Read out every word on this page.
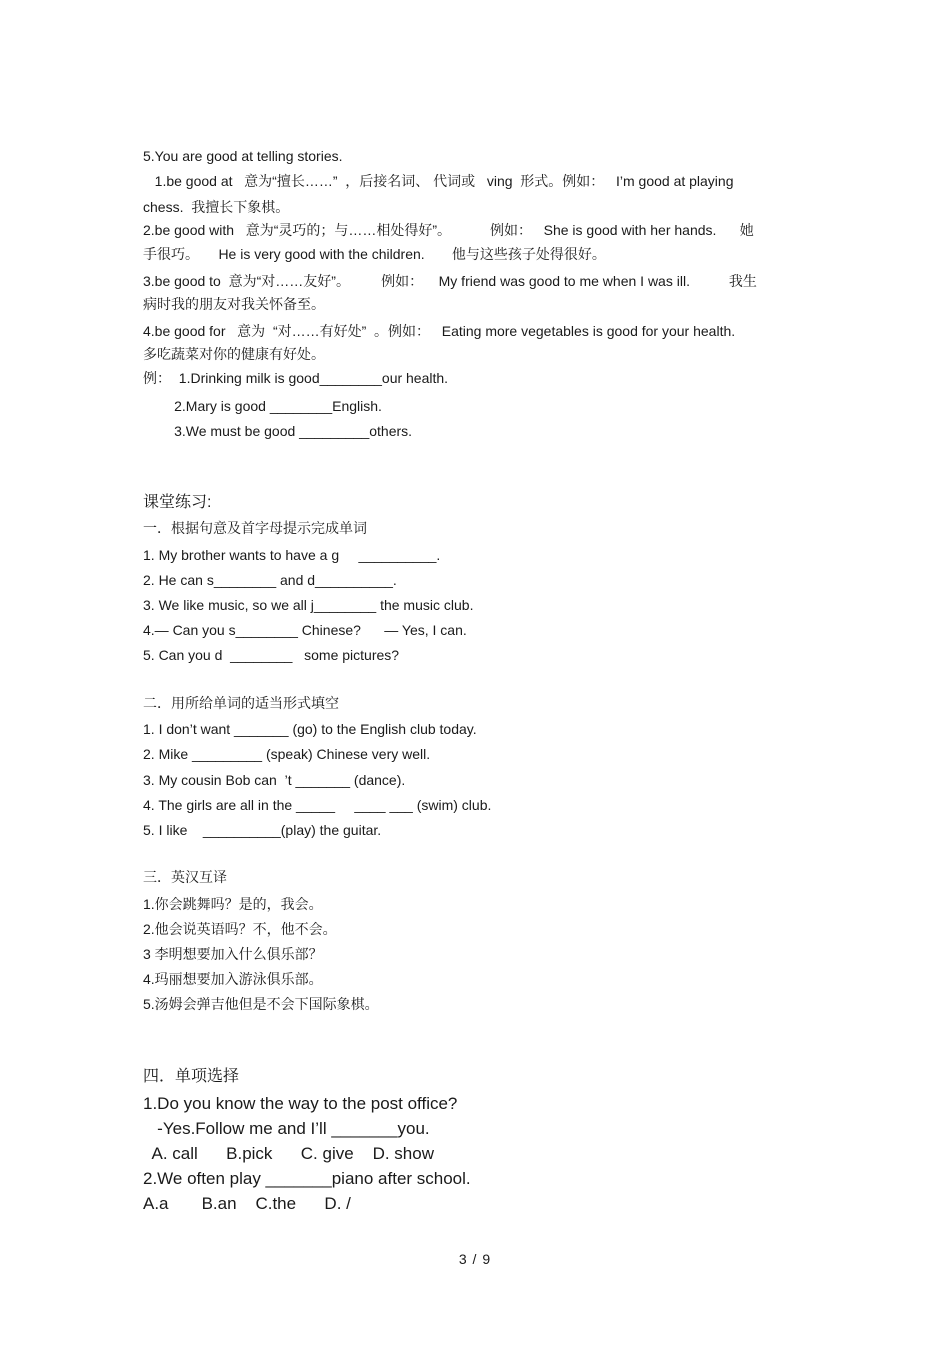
5.You are good at telling stories.
1.be good at   意为“擅长……”  ，后接名词、 代词或   ving  形式。例如：   I’m good at playing
chess.  我擅长下象棋。
2.be good with   意为“灵巧的；与……相处得好”。          例如：   She is good with her hands.      她
手很巧。     He is very good with the children.       他与这些孩子处得很好。
3.be good to  意为“对……友好”。        例如：    My friend was good to me when I was ill.          我生
病时我的朋友对我关怀备至。
4.be good for   意为  “对……有好处”  。例如：   Eating more vegetables is good for your health.
多吃蔬菜对你的健康有好处。
例：  1.Drinking milk is good________our health.
2.Mary is good ________English.
3.We must be good _________others.
课堂练习:
一．根据句意及首字母提示完成单词
1. My brother wants to have a g     __________.
2. He can s________ and d__________.
3. We like music, so we all j________ the music club.
4.— Can you s________ Chinese?      — Yes, I can.
5. Can you d  ________   some pictures?
二．用所给单词的适当形式填空
1. I don’t want _______ (go) to the English club today.
2. Mike _________ (speak) Chinese very well.
3. My cousin Bob can  ’t _______ (dance).
4. The girls are all in the _____     ____ ___ (swim) club.
5. I like    __________(play) the guitar.
三．英汉互译
1.你会跳舞吗？是的，我会。
2.他会说英语吗？不，他不会。
3 李明想要加入什么俱乐部？
4.玛丽想要加入游泳俱乐部。
5.汤姆会弹吉他但是不会下国际象棋。
四．单项选择
1.Do you know the way to the post office?
-Yes.Follow me and I’ll _______you.
A. call      B.pick      C. give    D. show
2.We often play _______piano after school.
A.a       B.an    C.the      D. /
3 / 9
